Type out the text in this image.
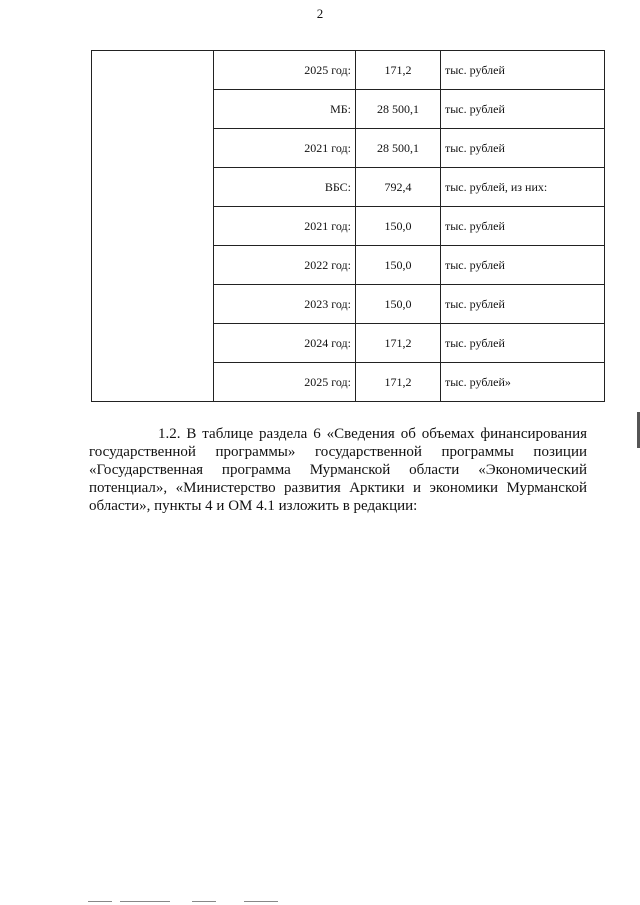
2
	2025 год:	171,2	тыс. рублей
	МБ:	28 500,1	тыс. рублей
	2021 год:	28 500,1	тыс. рублей
	ВБС:	792,4	тыс. рублей, из них:
	2021 год:	150,0	тыс. рублей
	2022 год:	150,0	тыс. рублей
	2023 год:	150,0	тыс. рублей
	2024 год:	171,2	тыс. рублей
	2025 год:	171,2	тыс. рублей»
1.2. В таблице раздела 6 «Сведения об объемах финансирования государственной программы» государственной программы позиции «Государственная программа Мурманской области «Экономический потенциал», «Министерство развития Арктики и экономики Мурманской области», пункты 4 и ОМ 4.1 изложить в редакции:
